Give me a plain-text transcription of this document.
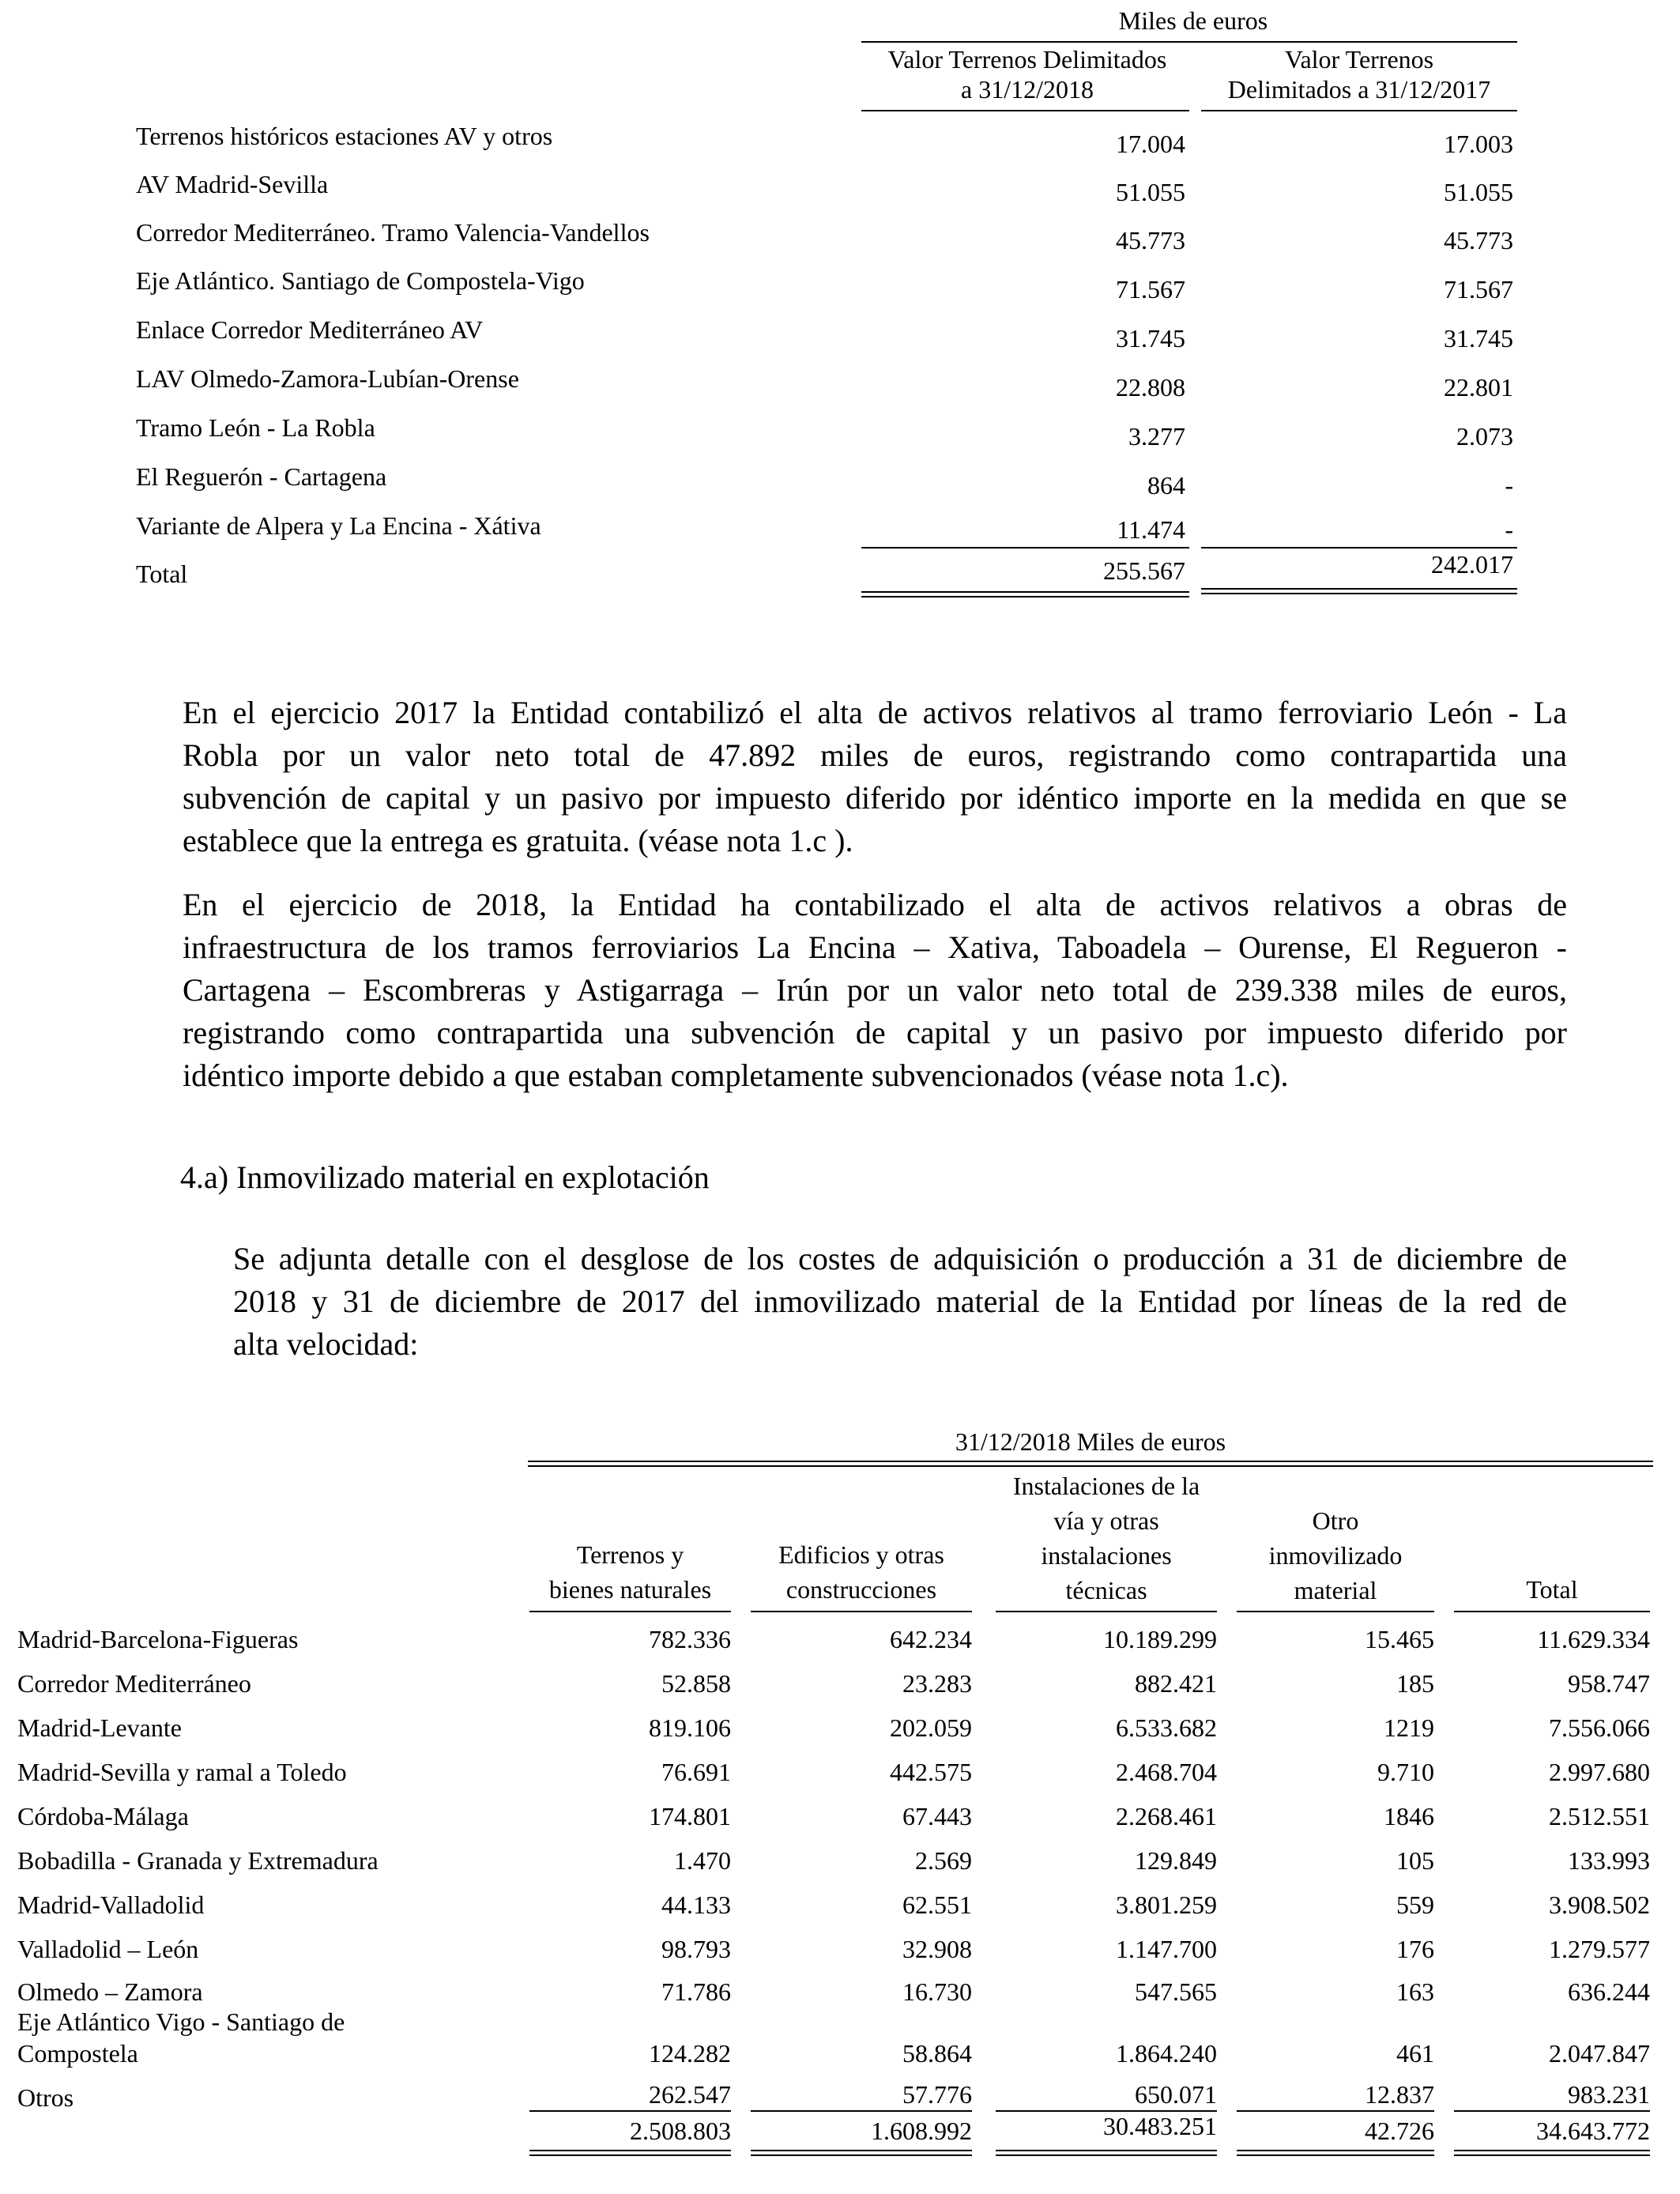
Miles de euros
Valor Terrenos Delimitados
a 31/12/2018
Valor Terrenos
Delimitados a 31/12/2017
Terrenos históricos estaciones AV y otros	17.004	17.003
AV Madrid-Sevilla	51.055	51.055
Corredor Mediterráneo. Tramo Valencia-Vandellos	45.773	45.773
Eje Atlántico. Santiago de Compostela-Vigo	71.567	71.567
Enlace Corredor Mediterráneo AV	31.745	31.745
LAV Olmedo-Zamora-Lubían-Orense	22.808	22.801
Tramo León - La Robla	3.277	2.073
El Reguerón - Cartagena	864	-
Variante de Alpera y La Encina - Xátiva	11.474	-
Total	255.567	242.017
En el ejercicio 2017 la Entidad contabilizó el alta de activos relativos al tramo ferroviario León - La
Robla por un valor neto total de 47.892 miles de euros, registrando como contrapartida una
subvención de capital y un pasivo por impuesto diferido por idéntico importe en la medida en que se
establece que la entrega es gratuita. (véase nota 1.c ).
En el ejercicio de 2018, la Entidad ha contabilizado el alta de activos relativos a obras de
infraestructura de los tramos ferroviarios La Encina – Xativa, Taboadela – Ourense, El Regueron -
Cartagena – Escombreras y Astigarraga – Irún por un valor neto total de 239.338 miles de euros,
registrando como contrapartida una subvención de capital y un pasivo por impuesto diferido por
idéntico importe debido a que estaban completamente subvencionados (véase nota 1.c).
4.a) Inmovilizado material en explotación
Se adjunta detalle con el desglose de los costes de adquisición o producción a 31 de diciembre de
2018 y 31 de diciembre de 2017 del inmovilizado material de la Entidad por líneas de la red de
alta velocidad:
31/12/2018 Miles de euros
Terrenos y
bienes naturales
Edificios y otras
construcciones
Instalaciones de la
vía y otras
instalaciones
técnicas
Otro
inmovilizado
material	Total
Madrid-Barcelona-Figueras	782.336	642.234	10.189.299	15.465	11.629.334
Corredor Mediterráneo	52.858	23.283	882.421	185	958.747
Madrid-Levante	819.106	202.059	6.533.682	1219	7.556.066
Madrid-Sevilla y ramal a Toledo	76.691	442.575	2.468.704	9.710	2.997.680
Córdoba-Málaga	174.801	67.443	2.268.461	1846	2.512.551
Bobadilla - Granada y Extremadura	1.470	2.569	129.849	105	133.993
Madrid-Valladolid	44.133	62.551	3.801.259	559	3.908.502
Valladolid – León	98.793	32.908	1.147.700	176	1.279.577
Olmedo – Zamora	71.786	16.730	547.565	163	636.244
Eje Atlántico Vigo - Santiago de
Compostela	124.282	58.864	1.864.240	461	2.047.847
Otros	262.547	57.776	650.071	12.837	983.231
2.508.803	1.608.992	30.483.251	42.726	34.643.772
